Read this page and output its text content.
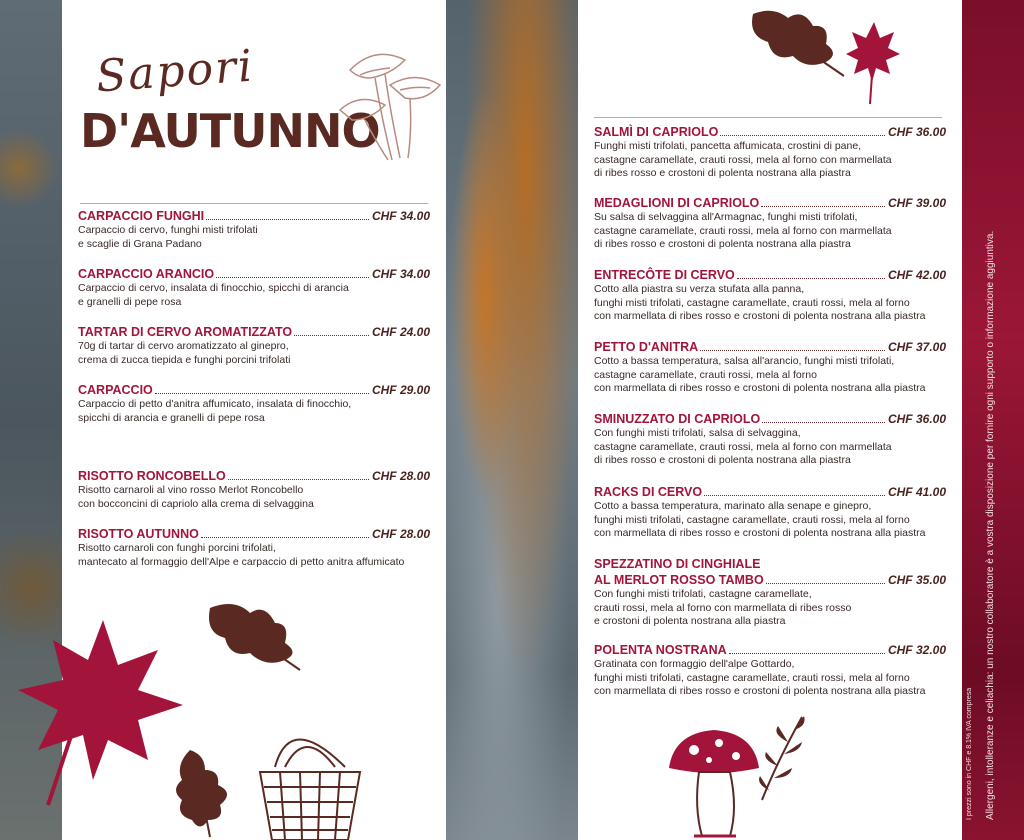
Sapori
D'AUTUNNO
CARPACCIO FUNGHI	CHF 34.00
Carpaccio di cervo, funghi misti trifolati
e scaglie di Grana Padano
CARPACCIO ARANCIO	CHF 34.00
Carpaccio di cervo, insalata di finocchio, spicchi di arancia
e granelli di pepe rosa
TARTAR DI CERVO AROMATIZZATO	CHF 24.00
70g di tartar di cervo aromatizzato al ginepro,
crema di zucca tiepida e funghi porcini trifolati
CARPACCIO	CHF 29.00
Carpaccio di petto d'anitra affumicato, insalata di finocchio,
spicchi di arancia e granelli di pepe rosa
RISOTTO RONCOBELLO	CHF 28.00
Risotto carnaroli al vino rosso Merlot Roncobello
con bocconcini di capriolo alla crema di selvaggina
RISOTTO AUTUNNO	CHF 28.00
Risotto carnaroli con funghi porcini trifolati,
mantecato al formaggio dell'Alpe e carpaccio di petto anitra affumicato
SALMÌ DI CAPRIOLO	CHF 36.00
Funghi misti trifolati, pancetta affumicata, crostini di pane,
castagne caramellate, crauti rossi, mela al forno con marmellata
di ribes rosso e crostoni di polenta nostrana alla piastra
MEDAGLIONI DI CAPRIOLO	CHF 39.00
Su salsa di selvaggina all'Armagnac, funghi misti trifolati,
castagne caramellate, crauti rossi, mela al forno con marmellata
di ribes rosso e crostoni di polenta nostrana alla piastra
ENTRECÔTE DI CERVO	CHF 42.00
Cotto alla piastra su verza stufata alla panna,
funghi misti trifolati, castagne caramellate, crauti rossi, mela al forno
con marmellata di ribes rosso e crostoni di polenta nostrana alla piastra
PETTO D'ANITRA	CHF 37.00
Cotto a bassa temperatura, salsa all'arancio, funghi misti trifolati,
castagne caramellate, crauti rossi, mela al forno
con marmellata di ribes rosso e crostoni di polenta nostrana alla piastra
SMINUZZATO DI CAPRIOLO	CHF 36.00
Con funghi misti trifolati, salsa di selvaggina,
castagne caramellate, crauti rossi, mela al forno con marmellata
di ribes rosso e crostoni di polenta nostrana alla piastra
RACKS DI CERVO	CHF 41.00
Cotto a bassa temperatura, marinato alla senape e ginepro,
funghi misti trifolati, castagne caramellate, crauti rossi, mela al forno
con marmellata di ribes rosso e crostoni di polenta nostrana alla piastra
SPEZZATINO DI CINGHIALE
AL MERLOT ROSSO TAMBO	CHF 35.00
Con funghi misti trifolati, castagne caramellate,
crauti rossi, mela al forno con marmellata di ribes rosso
e crostoni di polenta nostrana alla piastra
POLENTA NOSTRANA	CHF 32.00
Gratinata con formaggio dell'alpe Gottardo,
funghi misti trifolati, castagne caramellate, crauti rossi, mela al forno
con marmellata di ribes rosso e crostoni di polenta nostrana alla piastra	I prezzi sono in CHF e 8.1% IVA compresa Allergeni, intolleranze e celiachia: un nostro collaboratore è a vostra disposizione per fornire ogni supporto o informazione aggiuntiva.
